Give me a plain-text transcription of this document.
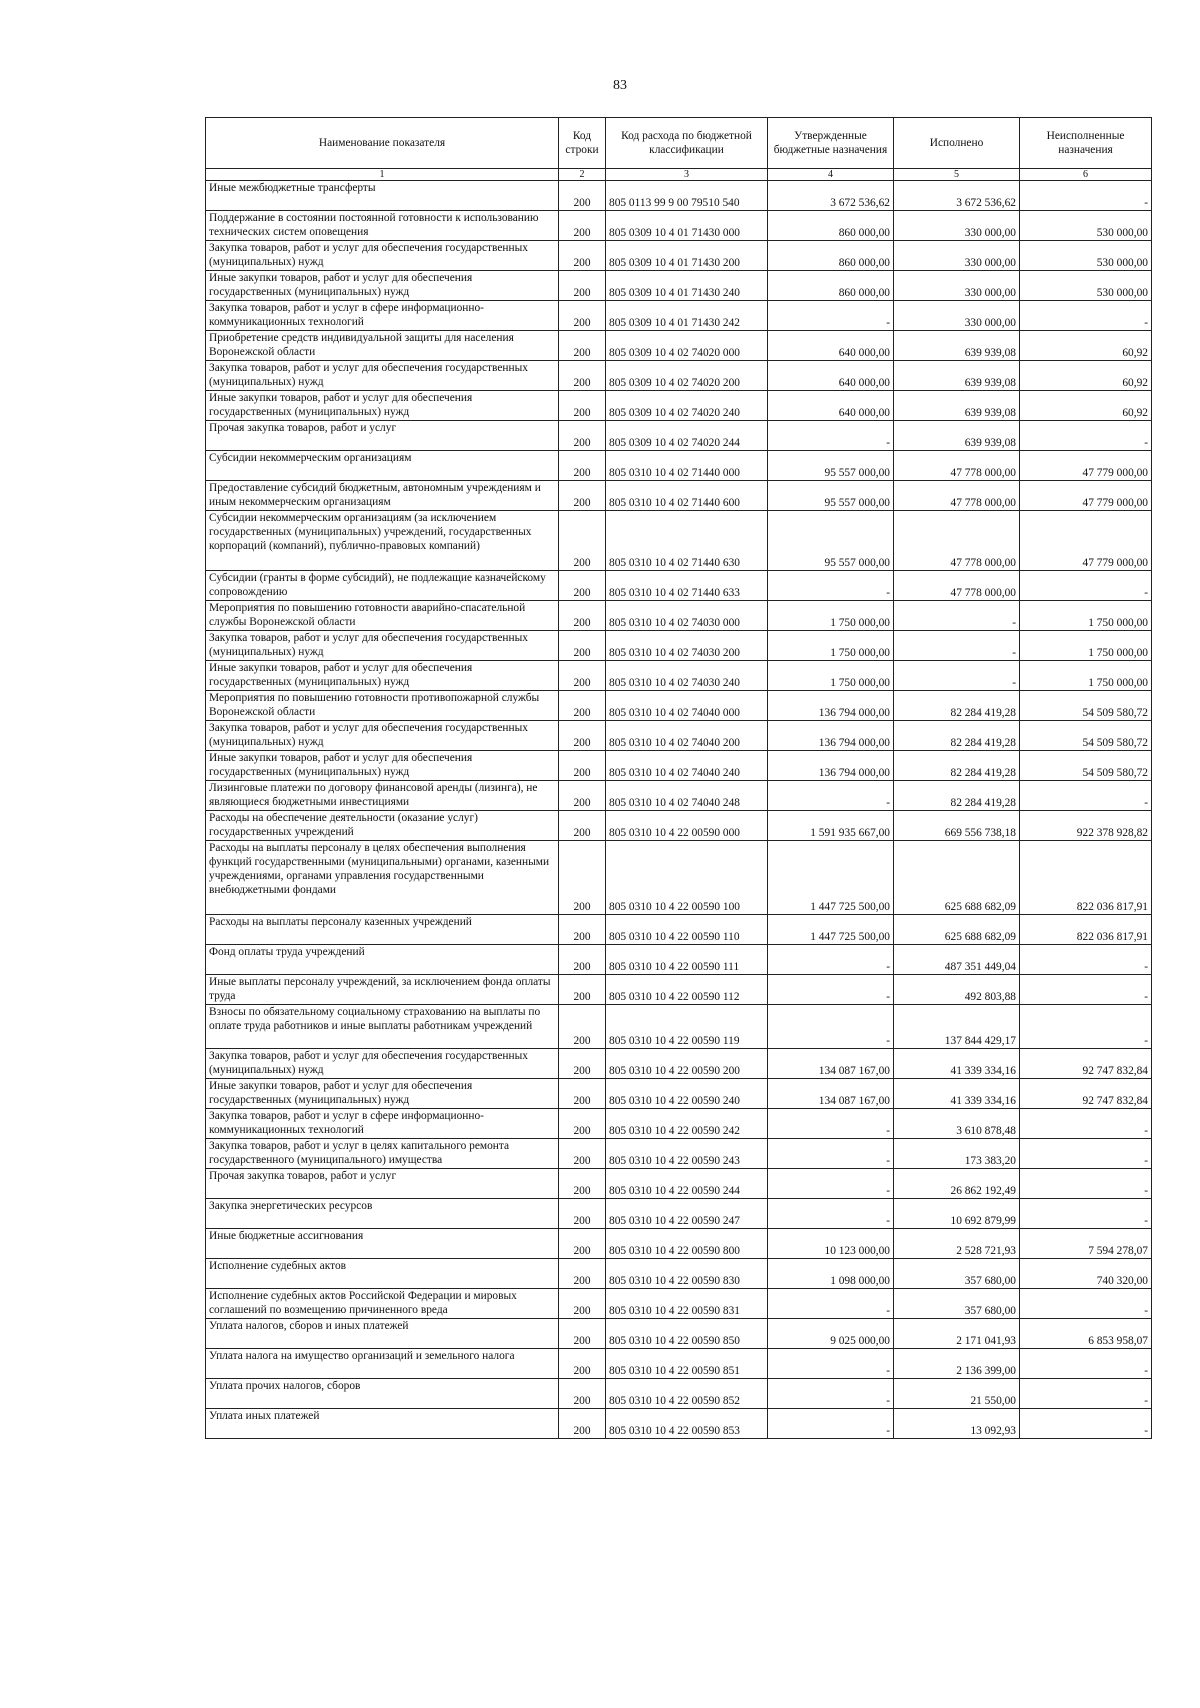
83
Наименование показателя	Код строки	Код расхода по бюджетной классификации	Утвержденные бюджетные назначения	Исполнено	Неисполненные назначения
1	2	3	4	5	6
Иные межбюджетные трансферты	200	805 0113 99 9 00 79510 540	3 672 536,62	3 672 536,62	-
Поддержание в состоянии постоянной готовности к использованию технических систем оповещения	200	805 0309 10 4 01 71430 000	860 000,00	330 000,00	530 000,00
Закупка товаров, работ и услуг для обеспечения государственных (муниципальных) нужд	200	805 0309 10 4 01 71430 200	860 000,00	330 000,00	530 000,00
Иные закупки товаров, работ и услуг для обеспечения государственных (муниципальных) нужд	200	805 0309 10 4 01 71430 240	860 000,00	330 000,00	530 000,00
Закупка товаров, работ и услуг в сфере информационно-коммуникационных технологий	200	805 0309 10 4 01 71430 242	-	330 000,00	-
Приобретение средств индивидуальной защиты для населения Воронежской области	200	805 0309 10 4 02 74020 000	640 000,00	639 939,08	60,92
Закупка товаров, работ и услуг для обеспечения государственных (муниципальных) нужд	200	805 0309 10 4 02 74020 200	640 000,00	639 939,08	60,92
Иные закупки товаров, работ и услуг для обеспечения государственных (муниципальных) нужд	200	805 0309 10 4 02 74020 240	640 000,00	639 939,08	60,92
Прочая закупка товаров, работ и услуг	200	805 0309 10 4 02 74020 244	-	639 939,08	-
Субсидии некоммерческим организациям	200	805 0310 10 4 02 71440 000	95 557 000,00	47 778 000,00	47 779 000,00
Предоставление субсидий бюджетным, автономным учреждениям и иным некоммерческим организациям	200	805 0310 10 4 02 71440 600	95 557 000,00	47 778 000,00	47 779 000,00
Субсидии некоммерческим организациям (за исключением государственных (муниципальных) учреждений, государственных корпораций (компаний), публично-правовых компаний)	200	805 0310 10 4 02 71440 630	95 557 000,00	47 778 000,00	47 779 000,00
Субсидии (гранты в форме субсидий), не подлежащие казначейскому сопровождению	200	805 0310 10 4 02 71440 633	-	47 778 000,00	-
Мероприятия по повышению готовности аварийно-спасательной службы Воронежской области	200	805 0310 10 4 02 74030 000	1 750 000,00	-	1 750 000,00
Закупка товаров, работ и услуг для обеспечения государственных (муниципальных) нужд	200	805 0310 10 4 02 74030 200	1 750 000,00	-	1 750 000,00
Иные закупки товаров, работ и услуг для обеспечения государственных (муниципальных) нужд	200	805 0310 10 4 02 74030 240	1 750 000,00	-	1 750 000,00
Мероприятия по повышению готовности противопожарной службы Воронежской области	200	805 0310 10 4 02 74040 000	136 794 000,00	82 284 419,28	54 509 580,72
Закупка товаров, работ и услуг для обеспечения государственных (муниципальных) нужд	200	805 0310 10 4 02 74040 200	136 794 000,00	82 284 419,28	54 509 580,72
Иные закупки товаров, работ и услуг для обеспечения государственных (муниципальных) нужд	200	805 0310 10 4 02 74040 240	136 794 000,00	82 284 419,28	54 509 580,72
Лизинговые платежи по договору финансовой аренды (лизинга), не являющиеся бюджетными инвестициями	200	805 0310 10 4 02 74040 248	-	82 284 419,28	-
Расходы на обеспечение деятельности (оказание услуг) государственных учреждений	200	805 0310 10 4 22 00590 000	1 591 935 667,00	669 556 738,18	922 378 928,82
Расходы на выплаты персоналу в целях обеспечения выполнения функций государственными (муниципальными) органами, казенными учреждениями, органами управления государственными внебюджетными фондами	200	805 0310 10 4 22 00590 100	1 447 725 500,00	625 688 682,09	822 036 817,91
Расходы на выплаты персоналу казенных учреждений	200	805 0310 10 4 22 00590 110	1 447 725 500,00	625 688 682,09	822 036 817,91
Фонд оплаты труда учреждений	200	805 0310 10 4 22 00590 111	-	487 351 449,04	-
Иные выплаты персоналу учреждений, за исключением фонда оплаты труда	200	805 0310 10 4 22 00590 112	-	492 803,88	-
Взносы по обязательному социальному страхованию на выплаты по оплате труда работников и иные выплаты работникам учреждений	200	805 0310 10 4 22 00590 119	-	137 844 429,17	-
Закупка товаров, работ и услуг для обеспечения государственных (муниципальных) нужд	200	805 0310 10 4 22 00590 200	134 087 167,00	41 339 334,16	92 747 832,84
Иные закупки товаров, работ и услуг для обеспечения государственных (муниципальных) нужд	200	805 0310 10 4 22 00590 240	134 087 167,00	41 339 334,16	92 747 832,84
Закупка товаров, работ и услуг в сфере информационно-коммуникационных технологий	200	805 0310 10 4 22 00590 242	-	3 610 878,48	-
Закупка товаров, работ и услуг в целях капитального ремонта государственного (муниципального) имущества	200	805 0310 10 4 22 00590 243	-	173 383,20	-
Прочая закупка товаров, работ и услуг	200	805 0310 10 4 22 00590 244	-	26 862 192,49	-
Закупка энергетических ресурсов	200	805 0310 10 4 22 00590 247	-	10 692 879,99	-
Иные бюджетные ассигнования	200	805 0310 10 4 22 00590 800	10 123 000,00	2 528 721,93	7 594 278,07
Исполнение судебных актов	200	805 0310 10 4 22 00590 830	1 098 000,00	357 680,00	740 320,00
Исполнение судебных актов Российской Федерации и мировых соглашений по возмещению причиненного вреда	200	805 0310 10 4 22 00590 831	-	357 680,00	-
Уплата налогов, сборов и иных платежей	200	805 0310 10 4 22 00590 850	9 025 000,00	2 171 041,93	6 853 958,07
Уплата налога на имущество организаций и земельного налога	200	805 0310 10 4 22 00590 851	-	2 136 399,00	-
Уплата прочих налогов, сборов	200	805 0310 10 4 22 00590 852	-	21 550,00	-
Уплата иных платежей	200	805 0310 10 4 22 00590 853	-	13 092,93	-
